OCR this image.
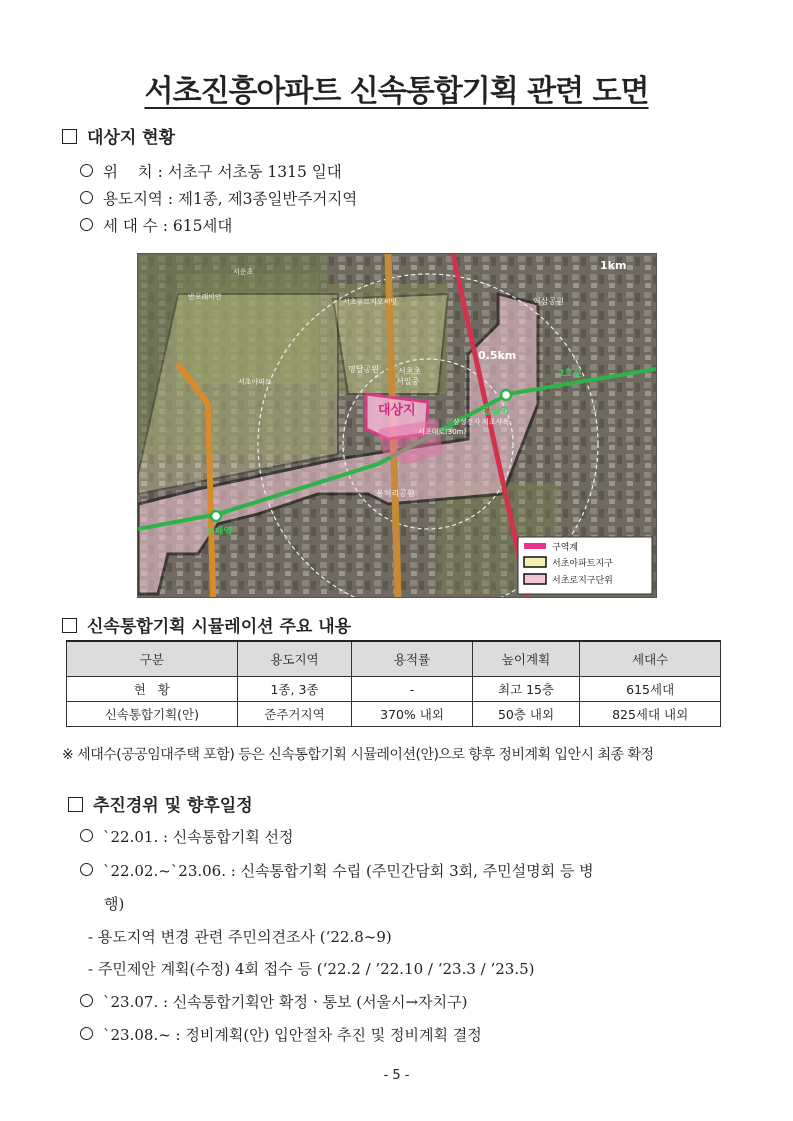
서초진흥아파트 신속통합기획 관련 도면
대상지 현황
위    치 : 서초구 서초동 1315 일대
용도지역 : 제1종, 제3종일반주거지역
세 대 수 : 615세대
1km
0.5km
대상지	강남역
교대역
2호선
역삼공원
명달공원
용허리공원
서초대로(30m)
서초초
서일중
서초푸르지오써밋
반포래미안
서운초
서초아파트
삼성전자 서초사옥
구역계
서초아파트지구
서초로지구단위
신속통합기획 시뮬레이션 주요 내용
구분	용도지역	용적률	높이계획	세대수
현   황	1종, 3종	-	최고 15층	615세대
신속통합기획(안)	준주거지역	370% 내외	50층 내외	825세대 내외
※ 세대수(공공임대주택 포함) 등은 신속통합기획 시뮬레이션(안)으로 향후 정비계획 입안시 최종 확정
추진경위 및 향후일정
`22.01. : 신속통합기획 선정
`22.02.~`23.06. : 신속통합기획 수립 (주민간담회 3회, 주민설명회 등 병
행)
- 용도지역 변경 관련 주민의견조사 (‘22.8~9)
- 주민제안 계획(수정) 4회 접수 등 (‘22.2 / ’22.10 / ‘23.3 / ’23.5)
`23.07. : 신속통합기획안 확정ㆍ통보 (서울시→자치구)
`23.08.~ : 정비계획(안) 입안절차 추진 및 정비계획 결정
- 5 -
